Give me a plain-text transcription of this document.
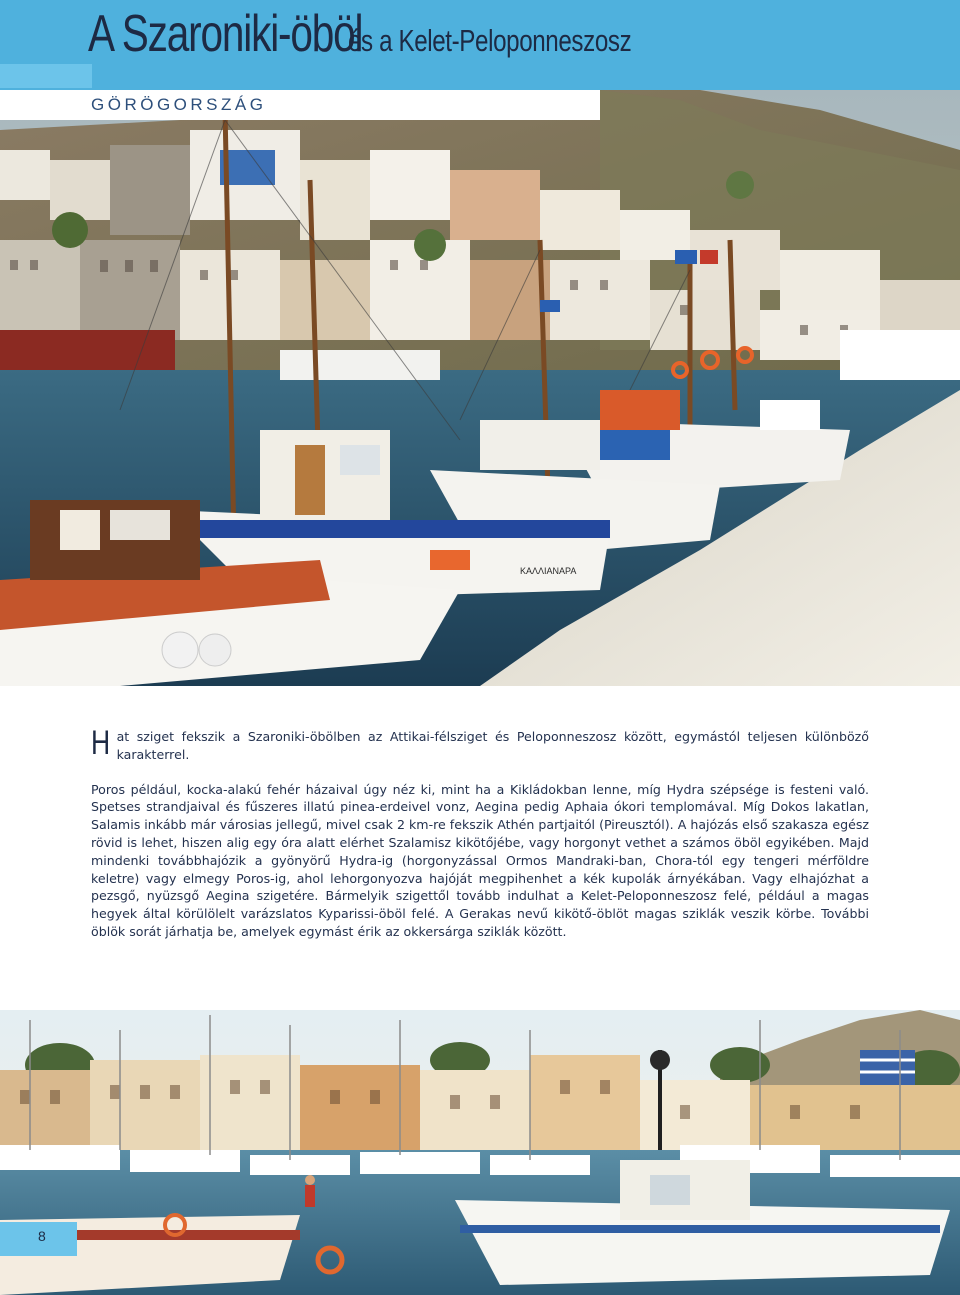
A Szaroniki-öböl
és a Kelet-Peloponneszosz
ΚΑΛΛΙΑΝΑΡΑ
GÖRÖGORSZÁG

Hat sziget fekszik a Szaroniki-öbölben az Attikai-félsziget és Peloponneszosz között, egymástól teljesen különböző karakterrel.

Poros például, kocka-alakú fehér házaival úgy néz ki, mint ha a Kikládokban lenne, míg Hydra szépsége is festeni való. Spetses strandjaival és fűszeres illatú pinea-erdeivel vonz, Aegina pedig Aphaia ókori templomával. Míg Dokos lakatlan, Salamis inkább már városias jellegű, mivel csak 2 km-re fekszik Athén partjaitól (Pireusztól). A hajózás első szakasza egész rövid is lehet, hiszen alig egy óra alatt elérhet Szalamisz kikötőjébe, vagy horgonyt vethet a számos öböl egyikében. Majd mindenki továbbhajózik a gyönyörű Hydra-ig (horgonyzással Ormos Mandraki-ban, Chora-tól egy tengeri mérföldre keletre) vagy elmegy Poros-ig, ahol lehorgonyozva hajóját megpihenhet a kék kupolák árnyékában. Vagy elhajózhat a pezsgő, nyüzsgő Aegina szigetére. Bármelyik szigettől tovább indulhat a Kelet-Peloponneszosz felé, például a magas hegyek által körülölelt varázslatos Kyparissi-öböl felé. A Gerakas nevű kikötő-öblöt magas sziklák veszik körbe. További öblök sorát járhatja be, amelyek egymást érik az okkersárga sziklák között.

8
